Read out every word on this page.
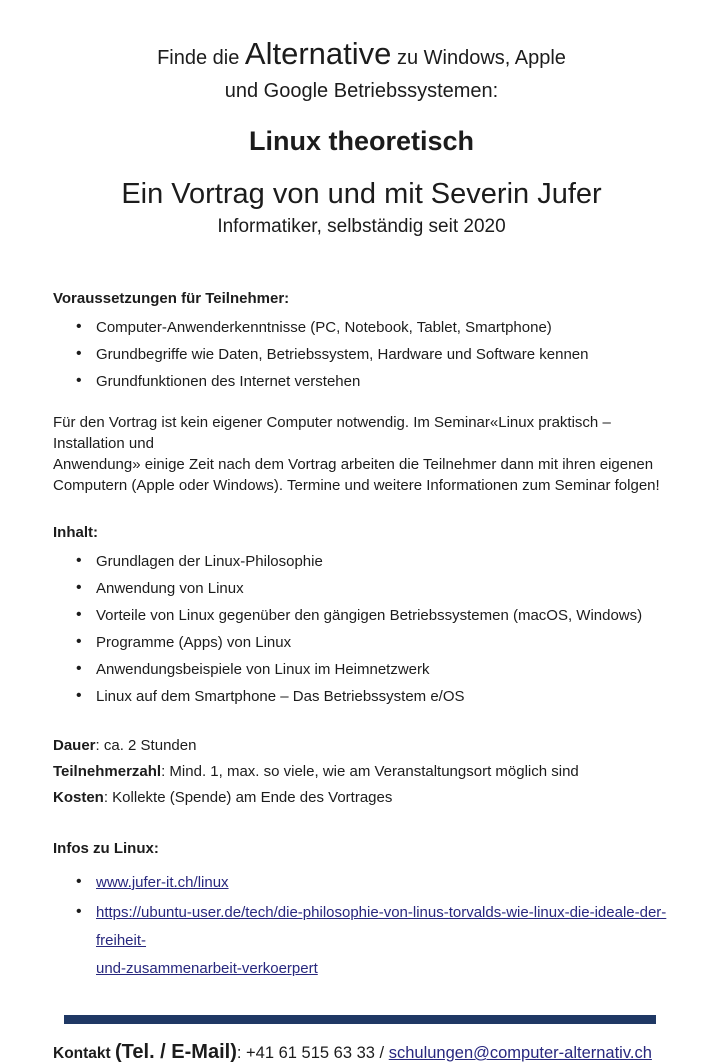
Finde die Alternative zu Windows, Apple
und Google Betriebssystemen:
Linux theoretisch
Ein Vortrag von und mit Severin Jufer
Informatiker, selbständig seit 2020
Voraussetzungen für Teilnehmer:
• Computer-Anwenderkenntnisse (PC, Notebook, Tablet, Smartphone)
• Grundbegriffe wie Daten, Betriebssystem, Hardware und Software kennen
• Grundfunktionen des Internet verstehen

Für den Vortrag ist kein eigener Computer notwendig. Im Seminar«Linux praktisch – Installation und
Anwendung» einige Zeit nach dem Vortrag arbeiten die Teilnehmer dann mit ihren eigenen
Computern (Apple oder Windows). Termine und weitere Informationen zum Seminar folgen!

Inhalt:
• Grundlagen der Linux-Philosophie
• Anwendung von Linux
• Vorteile von Linux gegenüber den gängigen Betriebssystemen (macOS, Windows)
• Programme (Apps) von Linux
• Anwendungsbeispiele von Linux im Heimnetzwerk
• Linux auf dem Smartphone – Das Betriebssystem e/OS
Dauer: ca. 2 Stunden
Teilnehmerzahl: Mind. 1, max. so viele, wie am Veranstaltungsort möglich sind
Kosten: Kollekte (Spende) am Ende des Vortrages
Infos zu Linux:
• www.jufer-it.ch/linux
• https://ubuntu-user.de/tech/die-philosophie-von-linus-torvalds-wie-linux-die-ideale-der-freiheit-
und-zusammenarbeit-verkoerpert
Kontakt (Tel. / E-Mail): +41 61 515 63 33 / schulungen@computer-alternativ.ch
